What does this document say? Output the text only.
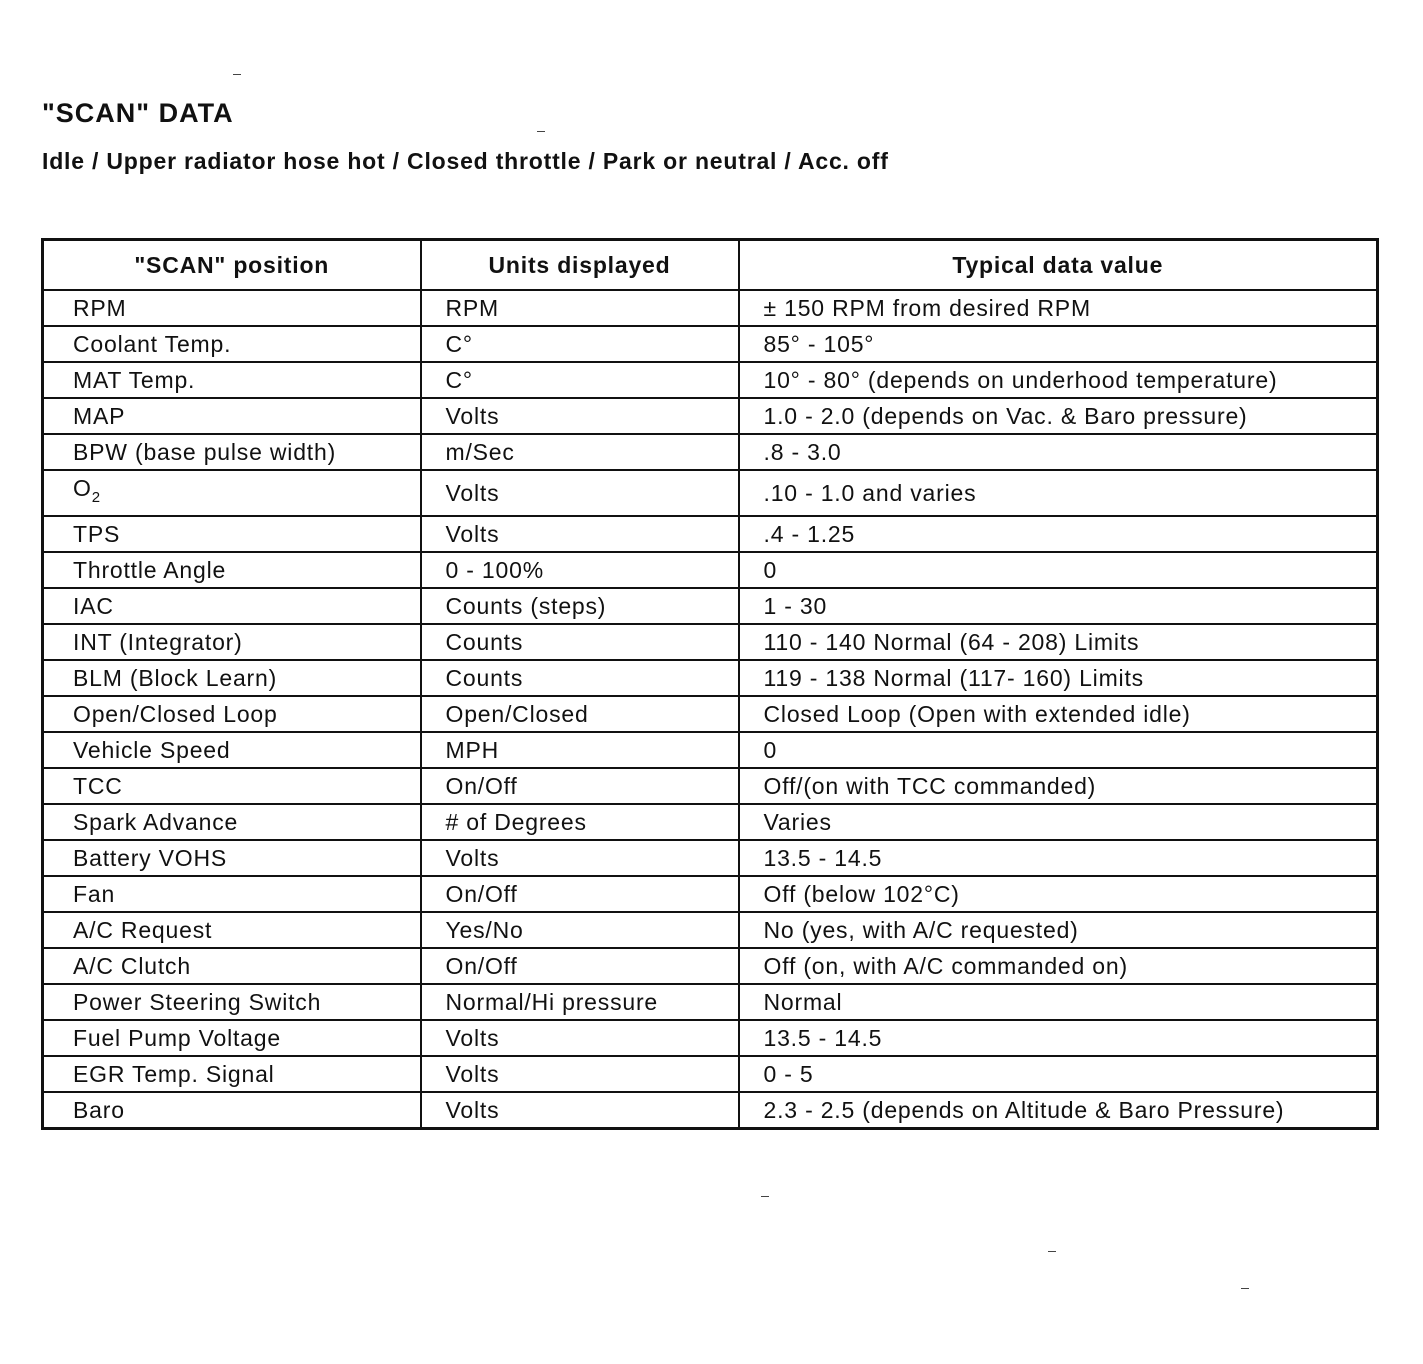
"SCAN" DATA

Idle / Upper radiator hose hot / Closed throttle / Park or neutral / Acc. off

"SCAN" position	Units displayed	Typical data value
RPM	RPM	± 150 RPM from desired RPM
Coolant Temp.	C°	85° - 105°
MAT Temp.	C°	10° - 80° (depends on underhood temperature)
MAP	Volts	1.0 - 2.0 (depends on Vac. & Baro pressure)
BPW (base pulse width)	m/Sec	.8 - 3.0
$O_2$	Volts	.10 - 1.0 and varies
TPS	Volts	.4 - 1.25
Throttle Angle	0 - 100%	0
IAC	Counts (steps)	1 - 30
INT (Integrator)	Counts	110 - 140 Normal (64 - 208) Limits
BLM (Block Learn)	Counts	119 - 138 Normal (117- 160) Limits
Open/Closed Loop	Open/Closed	Closed Loop (Open with extended idle)
Vehicle Speed	MPH	0
TCC	On/Off	Off/(on with TCC commanded)
Spark Advance	# of Degrees	Varies
Battery VOHS	Volts	13.5 - 14.5
Fan	On/Off	Off (below 102°C)
A/C Request	Yes/No	No (yes, with A/C requested)
A/C Clutch	On/Off	Off (on, with A/C commanded on)
Power Steering Switch	Normal/Hi pressure	Normal
Fuel Pump Voltage	Volts	13.5 - 14.5
EGR Temp. Signal	Volts	0 - 5
Baro	Volts	2.3 - 2.5 (depends on Altitude & Baro Pressure)
